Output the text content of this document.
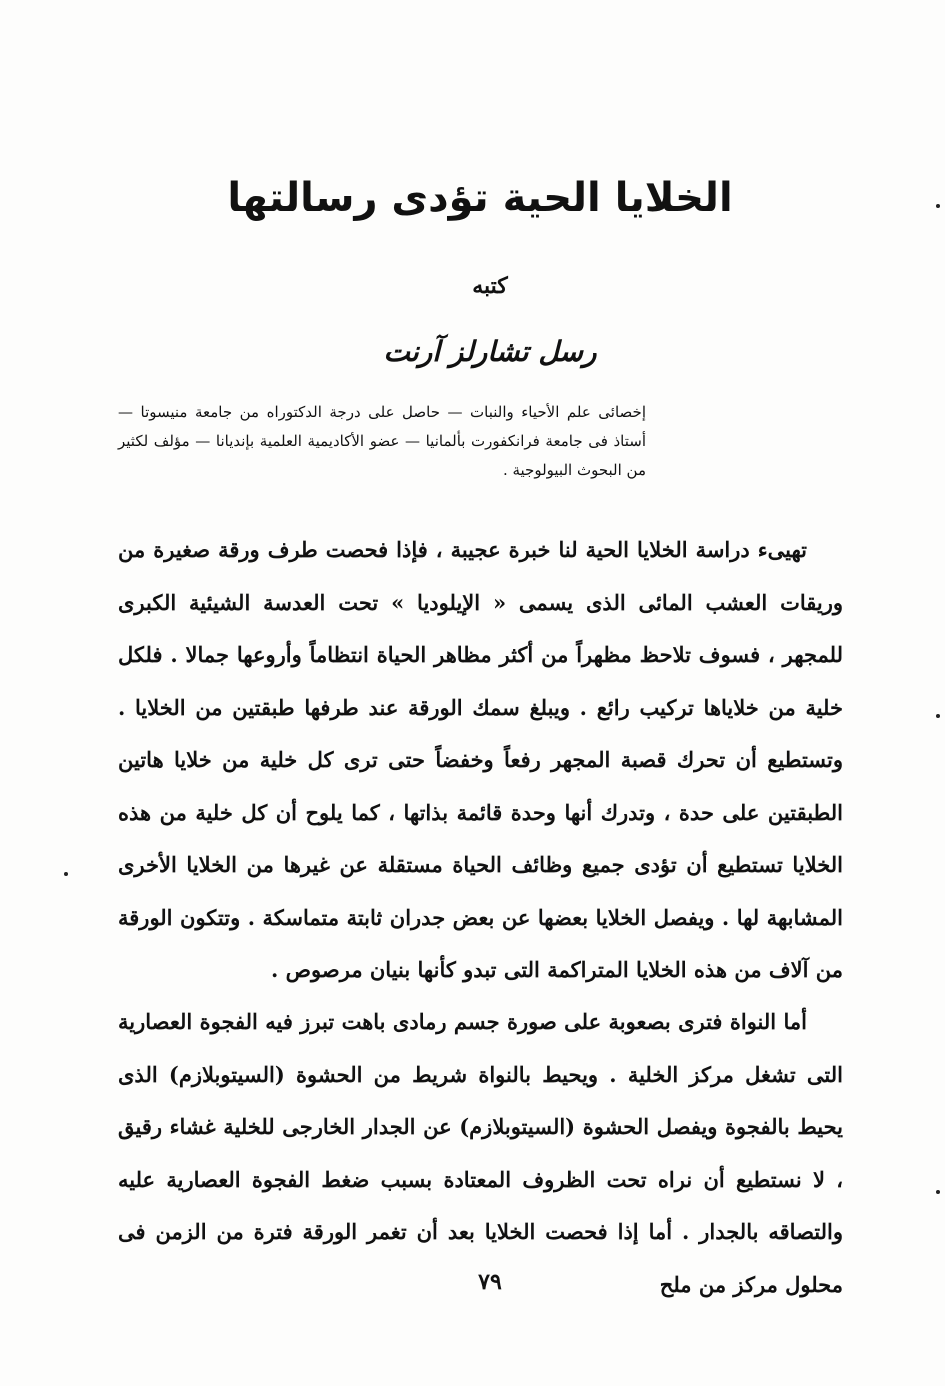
الخلايا الحية تؤدى رسالتها
كتبه
رسل تشارلز آرنت
إخصائى علم الأحياء والنبات — حاصل على درجة الدكتوراه من جامعة منيسوتا — أستاذ فى جامعة فرانكفورت بألمانيا — عضو الأكاديمية العلمية بإنديانا — مؤلف لكثير من البحوث البيولوجية .

تهيىء دراسة الخلايا الحية لنا خبرة عجيبة ، فإذا فحصت طرف ورقة صغيرة من وريقات العشب المائى الذى يسمى « الإيلوديا » تحت العدسة الشيئية الكبرى للمجهر ، فسوف تلاحظ مظهراً من أكثر مظاهر الحياة انتظاماً وأروعها جمالا . فلكل خلية من خلاياها تركيب رائع . ويبلغ سمك الورقة عند طرفها طبقتين من الخلايا . وتستطيع أن تحرك قصبة المجهر رفعاً وخفضاً حتى ترى كل خلية من خلايا هاتين الطبقتين على حدة ، وتدرك أنها وحدة قائمة بذاتها ، كما يلوح أن كل خلية من هذه الخلايا تستطيع أن تؤدى جميع وظائف الحياة مستقلة عن غيرها من الخلايا الأخرى المشابهة لها . ويفصل الخلايا بعضها عن بعض جدران ثابتة متماسكة . وتتكون الورقة من آلاف من هذه الخلايا المتراكمة التى تبدو كأنها بنيان مرصوص .

أما النواة فترى بصعوبة على صورة جسم رمادى باهت تبرز فيه الفجوة العصارية التى تشغل مركز الخلية . ويحيط بالنواة شريط من الحشوة (السيتوبلازم) الذى يحيط بالفجوة ويفصل الحشوة (السيتوبلازم) عن الجدار الخارجى للخلية غشاء رقيق ، لا نستطيع أن نراه تحت الظروف المعتادة بسبب ضغط الفجوة العصارية عليه والتصاقه بالجدار . أما إذا فحصت الخلايا بعد أن تغمر الورقة فترة من الزمن فى محلول مركز من ملح

٧٩
